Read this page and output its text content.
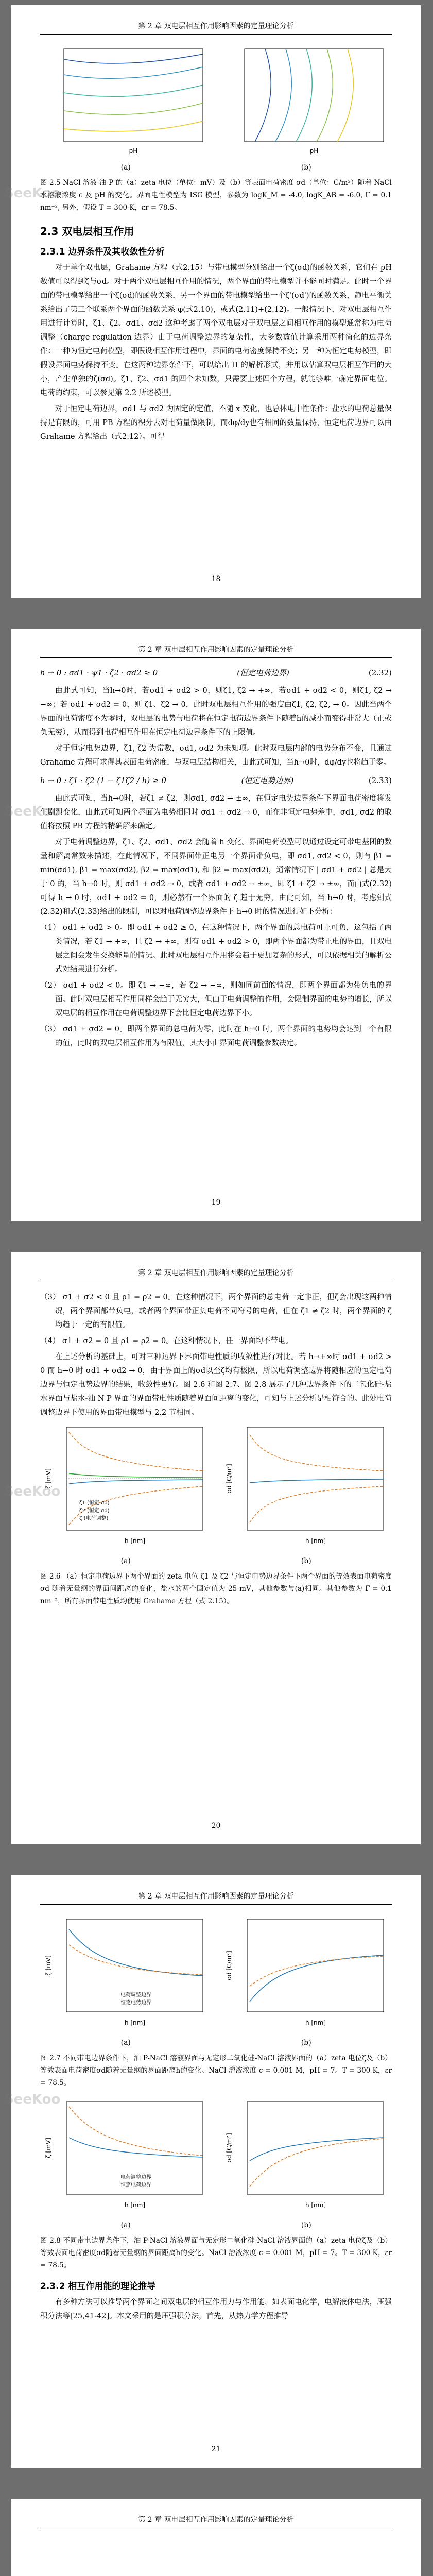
第 2 章 双电层相互作用影响因素的定量理论分析
pH
(a)
pH
(b)
图 2.5 NaCl 溶液-油 P 的（a）zeta 电位（单位：mV）及（b）等表面电荷密度 σd（单位：C/m²）随着 NaCl 水溶液浓度 c 及 pH 的变化。界面电性模型为 ISG 模型，参数为 logK_M = -4.0, logK_AB = -6.0, Γ = 0.1 nm⁻², 另外，假设 T = 300 K，εr = 78.5。
2.3 双电层相互作用
2.3.1 边界条件及其收敛性分析

对于单个双电层，Grahame 方程（式2.15）与带电模型分别给出一个ζ(σd)的函数关系，它们在 pH 数值可以得到ζ与σd。对于两个双电层相互作用的情况，两个界面的带电模型并不能同时满足。此时一个界面的带电模型给出一个ζ(σd)的函数关系，另一个界面的带电模型给出一个ζ'(σd')的函数关系，静电平衡关系给出了第三个联系两个界面的函数关系 φ(式2.10)，或式(2.11)+(2.12)。一般情况下，对双电层相互作用进行计算时，ζ1、ζ2、σd1、σd2 这种考虑了两个双电层对于双电层之间相互作用的模型通常称为电荷调整（charge regulation 边界）由于电荷调整边界的复杂性，大多数数值计算采用两种简化的边界条件：一种为恒定电荷模型，即假设相互作用过程中，界面的电荷密度保持不变；另一种为恒定电势模型，即假设界面电势保持不变。在这两种边界条件下，可以给出 Π 的解析形式，并用以估算双电层相互作用的大小，产生单独的ζ(σd)。ζ1、ζ2、σd1 的四个未知数，只需要上述四个方程，就能够唯一确定界面电位。电荷的约束，可以参见第 2.2 所述模型。

对于恒定电荷边界，σd1 与 σd2 为固定的定值，不随 x 变化，也总体电中性条件：盐水的电荷总量保持是有限的，可用 PB 方程的积分去对电荷量做限制，而dφ/dy也有相同的数量保持，恒定电荷边界可以由 Grahame 方程给出（式2.12）。可得

18
SeeKoo
第 2 章 双电层相互作用影响因素的定量理论分析
h → 0 : σd1 · ψ1 · ζ2 · σd2 ≥ 0	(恒定电荷边界)	(2.32)

由此式可知，当h→0时，若σd1 + σd2 > 0，则ζ1, ζ2 → +∞，若σd1 + σd2 < 0，则ζ1, ζ2 → −∞；若 σd1 + σd2 = 0，则 ζ1、ζ2 → 0，此时双电层相互作用的强度由ζ1, ζ2, ζ2, → 0。因此当两个界面的电荷密度不为零时，双电层的电势与电荷将在恒定电荷边界条件下随着h的减小而变得非常大（正或负无穷），从而得到电荷相互作用在恒定电荷边界条件下的上限值。

对于恒定电势边界，ζ1, ζ2 为常数，σd1, σd2 为未知项。此时双电层内部的电势分布不变，且通过 Grahame 方程可求得其表面电荷密度，与双电层结构相关，由此式可知，当h→0时，dφ/dy也将趋于零。

h → 0 : ζ1 · ζ2 (1 − ζ1ζ2 / h) ≥ 0	(恒定电势边界)	(2.33)

由此式可知，当h→0时，若ζ1 ≠ ζ2，则σd1, σd2 → ±∞，在恒定电势边界条件下界面电荷密度将发生剧烈变化，由此式可知两个界面为电势相同时 σd1 + σd2 → 0，而在非恒定电势差中，σd1, σd2 的取值将按照 PB 方程的精确解来确定。

对于电荷调整边界，ζ1、ζ2、σd1、σd2 会随着 h 变化。界面电荷模型可以通过设定可带电基团的数量和解离常数来描述，在此情况下，不同界面带正电另一个界面带负电，即 σd1, σd2 < 0，则有 β1 = min(σd1), β1 = max(σd2), β2 = max(σd1), 和 β2 = max(σd2)，通常情况下 | σd1 + σd2 | 总是大于 0 的，当 h→0 时，则 σd1 + σd2 → 0，或者 σd1 + σd2 → ±∞。即 ζ1 + ζ2 → ±∞，而由式(2.32)可得 h → 0 时，σd1 + σd2 = 0，则必然有一个界面的 ζ 趋于无穷，由此可知，当 h→0 时，考虑到式(2.32)和式(2.33)给出的限制，可以对电荷调整边界条件下 h→0 时的情况进行如下分析：

（1） σd1 + σd2 > 0。即 σd1 + σd2 ≥ 0，在这种情况下，两个界面的总电荷可正可负，这包括了两类情况，若 ζ1 → +∞，且 ζ2 → +∞，则有 σd1 + σd2 > 0，即两个界面都为带正电的界面，且双电层之间会发生交换能量的情况。此时双电层相互作用将会趋于更加复杂的形式，可以依据相关的解析公式对结果进行分析。
（2） σd1 + σd2 < 0。即 ζ1 → −∞，若 ζ2 → −∞，则如同前面的情况，即两个界面都为带负电的界面。此时双电层相互作用同样会趋于无穷大，但由于电荷调整的作用，会限制界面的电势的增长，所以双电层的相互作用在电荷调整边界下会比恒定电荷边界下小。
（3） σd1 + σd2 = 0。即两个界面的总电荷为零，此时在 h→0 时，两个界面的电势均会达到一个有限的值，此时的双电层相互作用为有限值，其大小由界面电荷调整参数决定。
19
SeeKoo
第 2 章 双电层相互作用影响因素的定量理论分析
（3） σ1 + σ2 < 0 且 ρ1 = ρ2 = 0。在这种情况下，两个界面的总电荷一定非正，但ζ会出现这两种情况，两个界面都带负电，或者两个界面带正负电荷不同符号的电荷，但在 ζ1 ≠ ζ2 时，两个界面的 ζ 均趋于一定的有限值。
（4） σ1 + σ2 = 0 且 ρ1 = ρ2 = 0。在这种情况下，任一界面均不带电。

在上述分析的基础上，可对三种边界下界面带电性质的收敛性进行对比。若 h→+∞时 σd1 + σd2 > 0 而 h→0 时 σd1 + σd2 → 0，由于界面上的σd以至ζ均有极限，所以电荷调整边界将随相应的恒定电荷边界与恒定电势边界的结果，收敛性更好。图 2.6 和图 2.7、图 2.8 展示了几种边界条件下的二氧化硅-盐水界面与盐水-油 N P 界面的界面带电性质随着界面间距离的变化，可知与上述分析是相符合的。此处电荷调整边界下使用的界面带电模型与 2.2 节相同。

ζ1 (恒定 σd)
ζ2 (恒定 σd)
ζ (电荷调整)
h [nm]
ζ [mV]
(a)
h [nm]
σd [C/m²]
(b)
图 2.6 （a）恒定电荷边界下两个界面的 zeta 电位 ζ1 及 ζ2 与恒定电势边界条件下两个界面的等效表面电荷密度 σd 随着无量纲的界面间距离的变化，盐水的两个固定值为 25 mV，其他参数与(a)相同。其他参数为 Γ = 0.1 nm⁻²，所有界面带电性质均使用 Grahame 方程（式 2.15）。
20
SeeKoo
第 2 章 双电层相互作用影响因素的定量理论分析
电荷调整边界
恒定电势边界
h [nm]
ζ [mV]
(a)
h [nm]
σd [C/m²]
(b)
图 2.7 不同带电边界条件下，油 P-NaCl 溶液界面与无定形二氧化硅-NaCl 溶液界面的（a）zeta 电位ζ及（b）等效表面电荷密度σd随着无量纲的界面距离h的变化。NaCl 溶液浓度 c = 0.001 M，pH = 7。T = 300 K，εr = 78.5。
电荷调整边界
恒定电荷边界
h [nm]
ζ [mV]
(a)
h [nm]
σd [C/m²]
(b)
图 2.8 不同带电边界条件下，油 P-NaCl 溶液界面与无定形二氧化硅-NaCl 溶液界面的（a）zeta 电位ζ及（b）等效表面电荷密度σd随着无量纲的界面距离h的变化。NaCl 溶液浓度 c = 0.001 M，pH = 7。T = 300 K，εr = 78.5。
2.3.2 相互作用能的理论推导

有多种方法可以推导两个界面之间双电层的相互作用力与作用能，如表面电化学，电解液体电法，压强积分法等[25,41-42]。本文采用的是压强积分法，首先，从热力学方程推导

21
SeeKoo
第 2 章 双电层相互作用影响因素的定量理论分析
